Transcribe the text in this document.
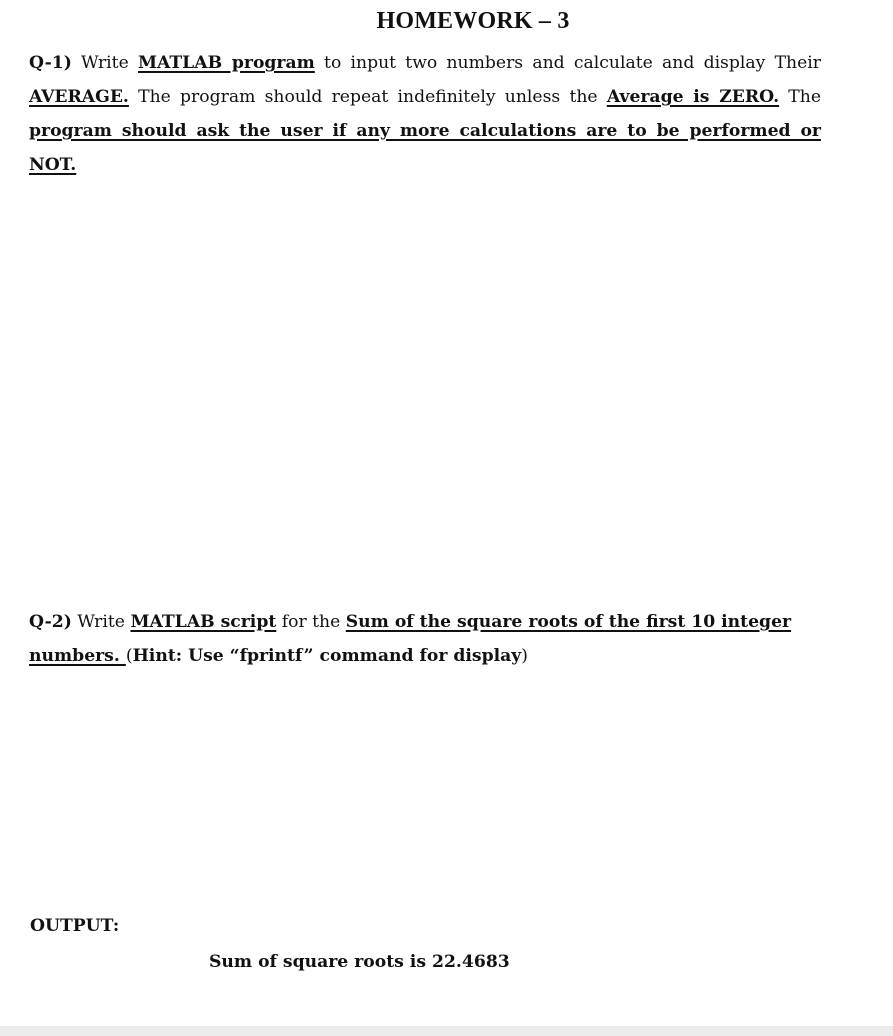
HOMEWORK – 3
Q-1) Write MATLAB program to input two numbers and calculate and display Their AVERAGE. The program should repeat indefinitely unless the Average is ZERO. The program should ask the user if any more calculations are to be performed or NOT.
Q-2) Write MATLAB script for the Sum of the square roots of the first 10 integer numbers. (Hint: Use “fprintf” command for display)
OUTPUT:
Sum of square roots is 22.4683
